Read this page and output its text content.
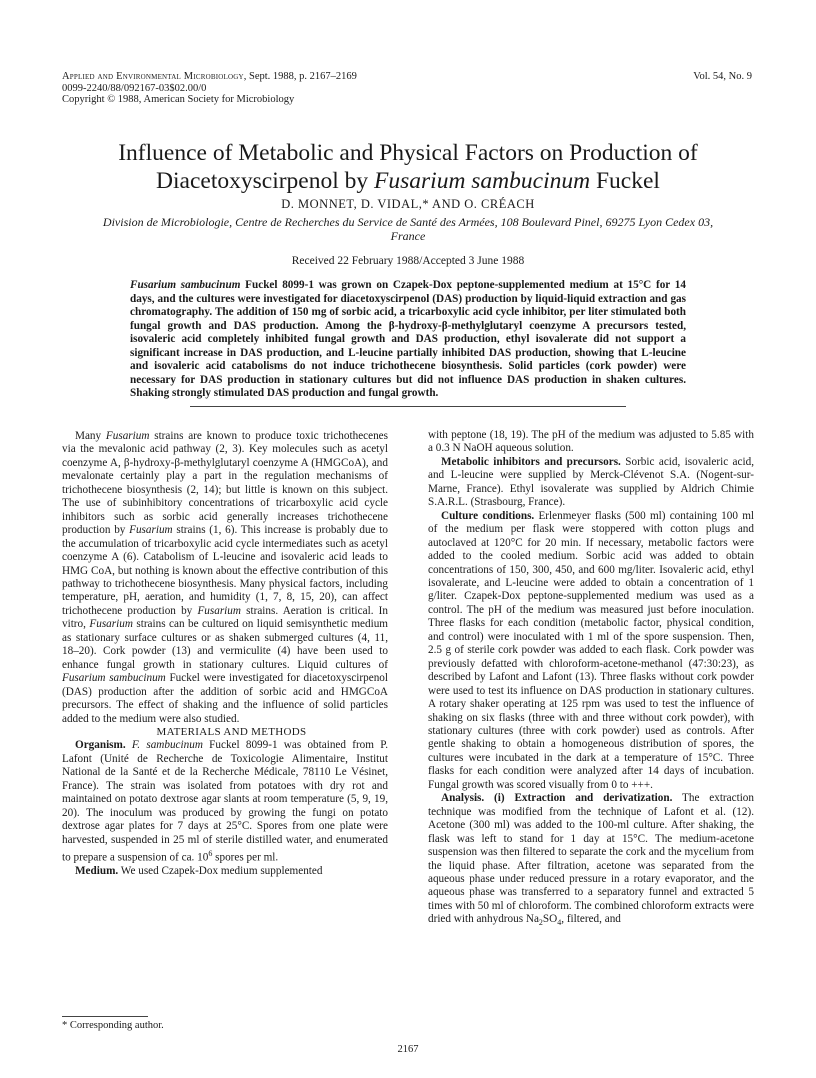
Applied and Environmental Microbiology, Sept. 1988, p. 2167–2169
0099-2240/88/092167-03$02.00/0
Copyright © 1988, American Society for Microbiology
Vol. 54, No. 9
Influence of Metabolic and Physical Factors on Production of
Diacetoxyscirpenol by Fusarium sambucinum Fuckel
D. MONNET, D. VIDAL,* AND O. CRÉACH
Division de Microbiologie, Centre de Recherches du Service de Santé des Armées, 108 Boulevard Pinel, 69275 Lyon Cedex 03, France
Received 22 February 1988/Accepted 3 June 1988
Fusarium sambucinum Fuckel 8099-1 was grown on Czapek-Dox peptone-supplemented medium at 15°C for 14 days, and the cultures were investigated for diacetoxyscirpenol (DAS) production by liquid-liquid extraction and gas chromatography. The addition of 150 mg of sorbic acid, a tricarboxylic acid cycle inhibitor, per liter stimulated both fungal growth and DAS production. Among the β-hydroxy-β-methylglutaryl coenzyme A precursors tested, isovaleric acid completely inhibited fungal growth and DAS production, ethyl isovalerate did not support a significant increase in DAS production, and L-leucine partially inhibited DAS production, showing that L-leucine and isovaleric acid catabolisms do not induce trichothecene biosynthesis. Solid particles (cork powder) were necessary for DAS production in stationary cultures but did not influence DAS production in shaken cultures. Shaking strongly stimulated DAS production and fungal growth.

Many Fusarium strains are known to produce toxic trichothecenes via the mevalonic acid pathway (2, 3). Key molecules such as acetyl coenzyme A, β-hydroxy-β-methylglutaryl coenzyme A (HMGCoA), and mevalonate certainly play a part in the regulation mechanisms of trichothecene biosynthesis (2, 14); but little is known on this subject. The use of subinhibitory concentrations of tricarboxylic acid cycle inhibitors such as sorbic acid generally increases trichothecene production by Fusarium strains (1, 6). This increase is probably due to the accumulation of tricarboxylic acid cycle intermediates such as acetyl coenzyme A (6). Catabolism of L-leucine and isovaleric acid leads to HMG CoA, but nothing is known about the effective contribution of this pathway to trichothecene biosynthesis. Many physical factors, including temperature, pH, aeration, and humidity (1, 7, 8, 15, 20), can affect trichothecene production by Fusarium strains. Aeration is critical. In vitro, Fusarium strains can be cultured on liquid semisynthetic medium as stationary surface cultures or as shaken submerged cultures (4, 11, 18–20). Cork powder (13) and vermiculite (4) have been used to enhance fungal growth in stationary cultures. Liquid cultures of Fusarium sambucinum Fuckel were investigated for diacetoxyscirpenol (DAS) production after the addition of sorbic acid and HMGCoA precursors. The effect of shaking and the influence of solid particles added to the medium were also studied.

MATERIALS AND METHODS

Organism. F. sambucinum Fuckel 8099-1 was obtained from P. Lafont (Unité de Recherche de Toxicologie Alimentaire, Institut National de la Santé et de la Recherche Médicale, 78110 Le Vésinet, France). The strain was isolated from potatoes with dry rot and maintained on potato dextrose agar slants at room temperature (5, 9, 19, 20). The inoculum was produced by growing the fungi on potato dextrose agar plates for 7 days at 25°C. Spores from one plate were harvested, suspended in 25 ml of sterile distilled water, and enumerated to prepare a suspension of ca. $10^6$ spores per ml.

Medium. We used Czapek-Dox medium supplemented

with peptone (18, 19). The pH of the medium was adjusted to 5.85 with a 0.3 N NaOH aqueous solution.

Metabolic inhibitors and precursors. Sorbic acid, isovaleric acid, and L-leucine were supplied by Merck-Clévenot S.A. (Nogent-sur-Marne, France). Ethyl isovalerate was supplied by Aldrich Chimie S.A.R.L. (Strasbourg, France).

Culture conditions. Erlenmeyer flasks (500 ml) containing 100 ml of the medium per flask were stoppered with cotton plugs and autoclaved at 120°C for 20 min. If necessary, metabolic factors were added to the cooled medium. Sorbic acid was added to obtain concentrations of 150, 300, 450, and 600 mg/liter. Isovaleric acid, ethyl isovalerate, and L-leucine were added to obtain a concentration of 1 g/liter. Czapek-Dox peptone-supplemented medium was used as a control. The pH of the medium was measured just before inoculation. Three flasks for each condition (metabolic factor, physical condition, and control) were inoculated with 1 ml of the spore suspension. Then, 2.5 g of sterile cork powder was added to each flask. Cork powder was previously defatted with chloroform-acetone-methanol (47:30:23), as described by Lafont and Lafont (13). Three flasks without cork powder were used to test its influence on DAS production in stationary cultures. A rotary shaker operating at 125 rpm was used to test the influence of shaking on six flasks (three with and three without cork powder), with stationary cultures (three with cork powder) used as controls. After gentle shaking to obtain a homogeneous distribution of spores, the cultures were incubated in the dark at a temperature of 15°C. Three flasks for each condition were analyzed after 14 days of incubation. Fungal growth was scored visually from 0 to +++.

Analysis. (i) Extraction and derivatization. The extraction technique was modified from the technique of Lafont et al. (12). Acetone (300 ml) was added to the 100-ml culture. After shaking, the flask was left to stand for 1 day at 15°C. The medium-acetone suspension was then filtered to separate the cork and the mycelium from the liquid phase. After filtration, acetone was separated from the aqueous phase under reduced pressure in a rotary evaporator, and the aqueous phase was transferred to a separatory funnel and extracted 5 times with 50 ml of chloroform. The combined chloroform extracts were dried with anhydrous $Na_2SO_4$, filtered, and

* Corresponding author.
2167
